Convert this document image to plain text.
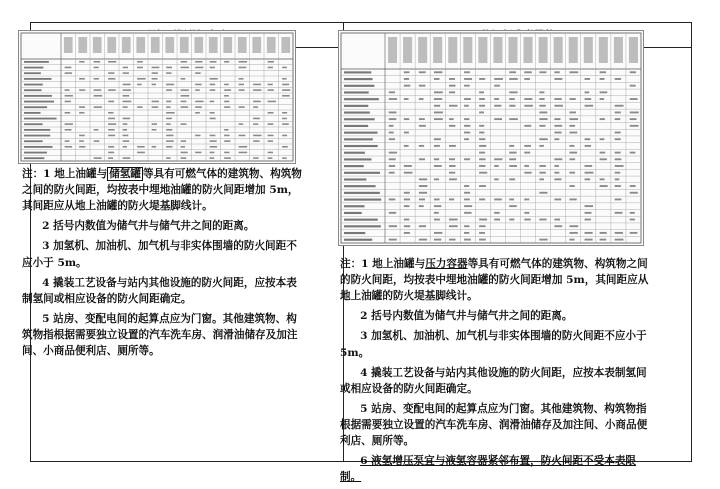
注：1 地上油罐与 储氢罐 等具有可燃气体的建筑物、构筑物之间的防火间距，均按表中埋地油罐的防火间距增加 5m，其间距应从地上油罐的防火堤基脚线计。

2 括号内数值为储气井与储气井之间的距离。

3 加氢机、加油机、加气机与非实体围墙的防火间距不应小于 5m。

4 撬装工艺设备与站内其他设施的防火间距，应按本表制氢间或相应设备的防火间距确定。

5 站房、变配电间的起算点应为门窗。其他建筑物、构筑物指根据需要独立设置的汽车洗车房、润滑油储存及加注间、小商品便利店、厕所等。

注：1 地上油罐与压力容器等具有可燃气体的建筑物、构筑物之间的防火间距，均按表中埋地油罐的防火间距增加 5m，其间距应从地上油罐的防火堤基脚线计。

2 括号内数值为储气井与储气井之间的距离。

3 加氢机、加油机、加气机与非实体围墙的防火间距不应小于 5m。

4 撬装工艺设备与站内其他设施的防火间距，应按本表制氢间或相应设备的防火间距确定。

5 站房、变配电间的起算点应为门窗。其他建筑物、构筑物指根据需要独立设置的汽车洗车房、润滑油储存及加注间、小商品便利店、厕所等。

6 液氢增压泵宜与液氢容器紧邻布置，防火间距不受本表限制。
